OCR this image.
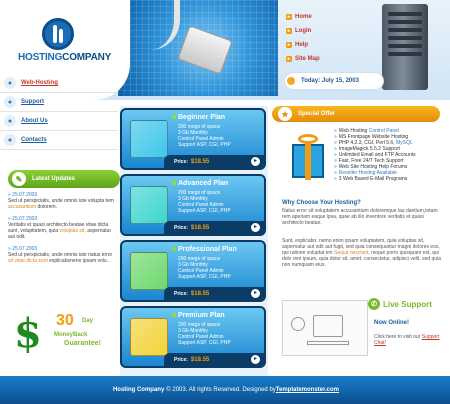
HOSTINGCOMPANY
▸ Home
▸ Login
▸ Help
▸ Site Map
Today: July 15, 2003
●	Web-Hosting
●	Support
●	About Us
●	Contacts
✎	Latest Updates
» 25.07.2003
Sed ut perspiciatis, unde omnis iste volupta tem accusantium dolorem.
» 25.07.2003
Veritatis et quasi architecto beatae vitae dicta sunt, volupitatem, quia voluptas sit, aspernatur aut odit.
» 25.07.2003
Sed ut perspiciatis, unde omnis iste natus error sit vitae dicta sunt explicaboneno ipsam volu.
$ 30 Day
MoneyBack
Guarantee!
Beginner Plan
200 megs of space
3 Gb Monthly
Control Panel Admin
Support ASP, CGI, PHP
Price: $18.55	▸
Advanced Plan
200 megs of space
3 Gb Monthly
Control Panel Admin
Support ASP, CGI, PHP
Price: $18.55	▸
Professional Plan
200 megs of space
3 Gb Monthly
Control Panel Admin
Support ASP, CGI, PHP
Price: $18.55	▸
Premium Plan
200 megs of space
3 Gb Monthly
Control Panel Admin
Support ASP, CGI, PHP
Price: $18.55	▸
★	Special Offer
» Web Hosting Control Panel
» MS Frontpage Website Hosting
» PHP 4.2.3, CGI, Perl 5.6, MySQL
» ImageMagick 5.5.2 Support
» Unlimited Email and FTP Accounts
» Fast, Free 24/7 Tech Support
» Web Site Hosting Help Forums
» Reseller Hosting Available
» 3 Web Based E-Mail Programs
Why Choose Your Hosting?
Natus error sit voluptatem accusantium doloremque lau dantium,totam rem aperiam eaque ipsa, quae ab illo inventore veritatis et quasi architecto beatae.
Sunt, explicabo. nemo enim ipsam voluptatem, quia voluptas sit, aspernatur aut odit aut fugit, sed quia consequuntur magni dolores eos, qui ratione voluptat em Sequa nesciunt, neque porro quisquam est, qui dolo rem ipsum, quia dolor sit, amet, consectetur, adipisci velit, sed quia non numquam eius.
✆ Live Support
Now Online!
Click here to visit our Support Chat!
Hosting Company © 2003. All rights Reserved. Designed by Templatemonster.com
